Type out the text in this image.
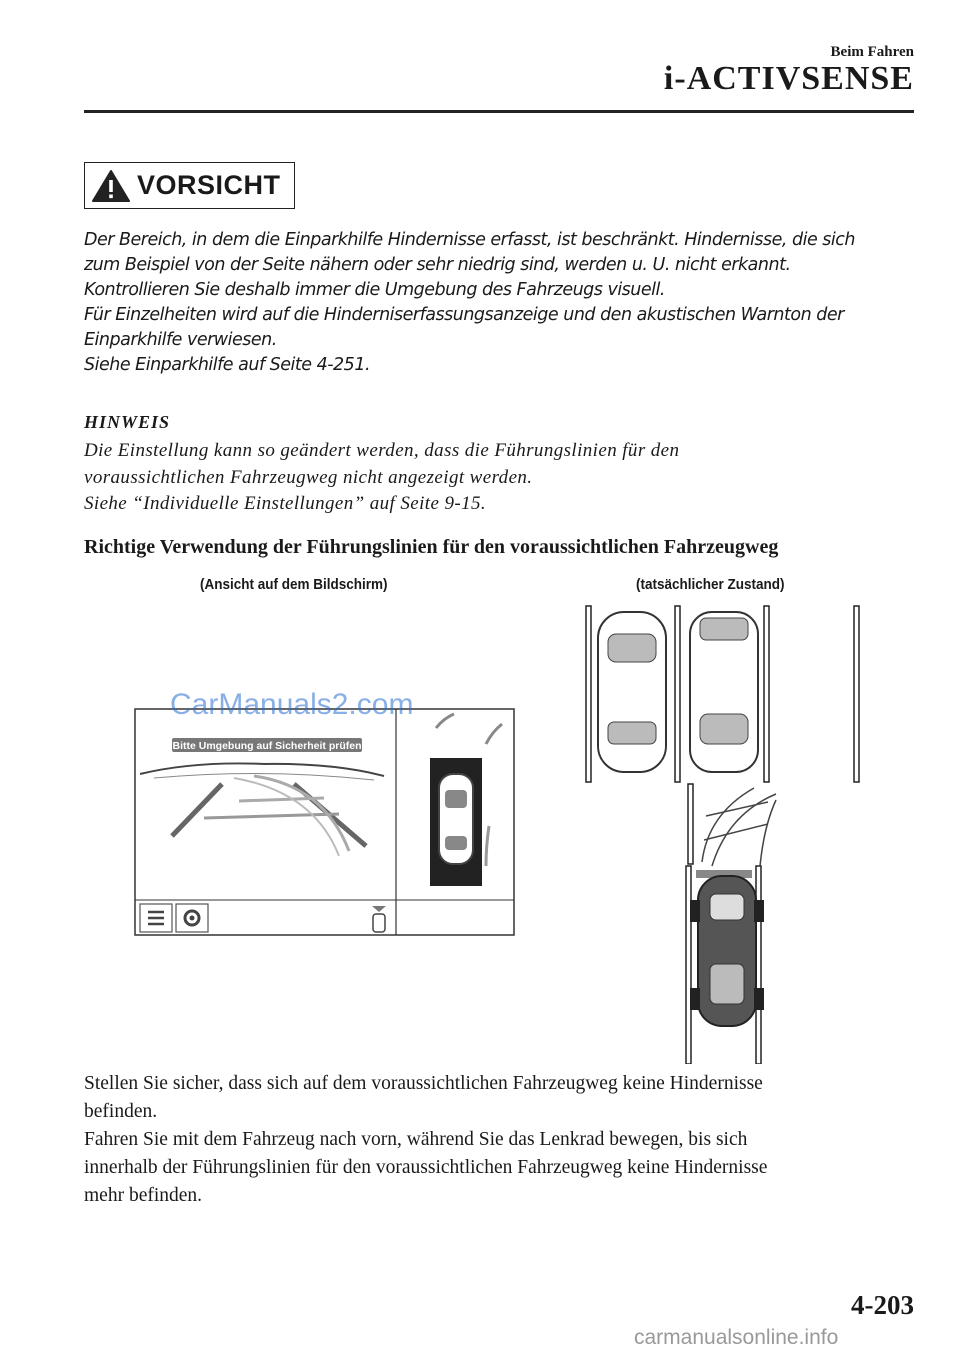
Beim Fahren
i-ACTIVSENSE
VORSICHT

Der Bereich, in dem die Einparkhilfe Hindernisse erfasst, ist beschränkt. Hindernisse, die sich

zum Beispiel von der Seite nähern oder sehr niedrig sind, werden u. U. nicht erkannt.

Kontrollieren Sie deshalb immer die Umgebung des Fahrzeugs visuell.

Für Einzelheiten wird auf die Hinderniserfassungsanzeige und den akustischen Warnton der

Einparkhilfe verwiesen.

Siehe Einparkhilfe auf Seite 4-251.

HINWEIS

Die Einstellung kann so geändert werden, dass die Führungslinien für den

voraussichtlichen Fahrzeugweg nicht angezeigt werden.

Siehe “Individuelle Einstellungen” auf Seite 9-15.

Richtige Verwendung der Führungslinien für den voraussichtlichen Fahrzeugweg
(Ansicht auf dem Bildschirm)	(tatsächlicher Zustand)
Bitte Umgebung auf Sicherheit prüfen
CarManuals2.com

Stellen Sie sicher, dass sich auf dem voraussichtlichen Fahrzeugweg keine Hindernisse

befinden.

Fahren Sie mit dem Fahrzeug nach vorn, während Sie das Lenkrad bewegen, bis sich

innerhalb der Führungslinien für den voraussichtlichen Fahrzeugweg keine Hindernisse

mehr befinden.

4-203
carmanualsonline.info
